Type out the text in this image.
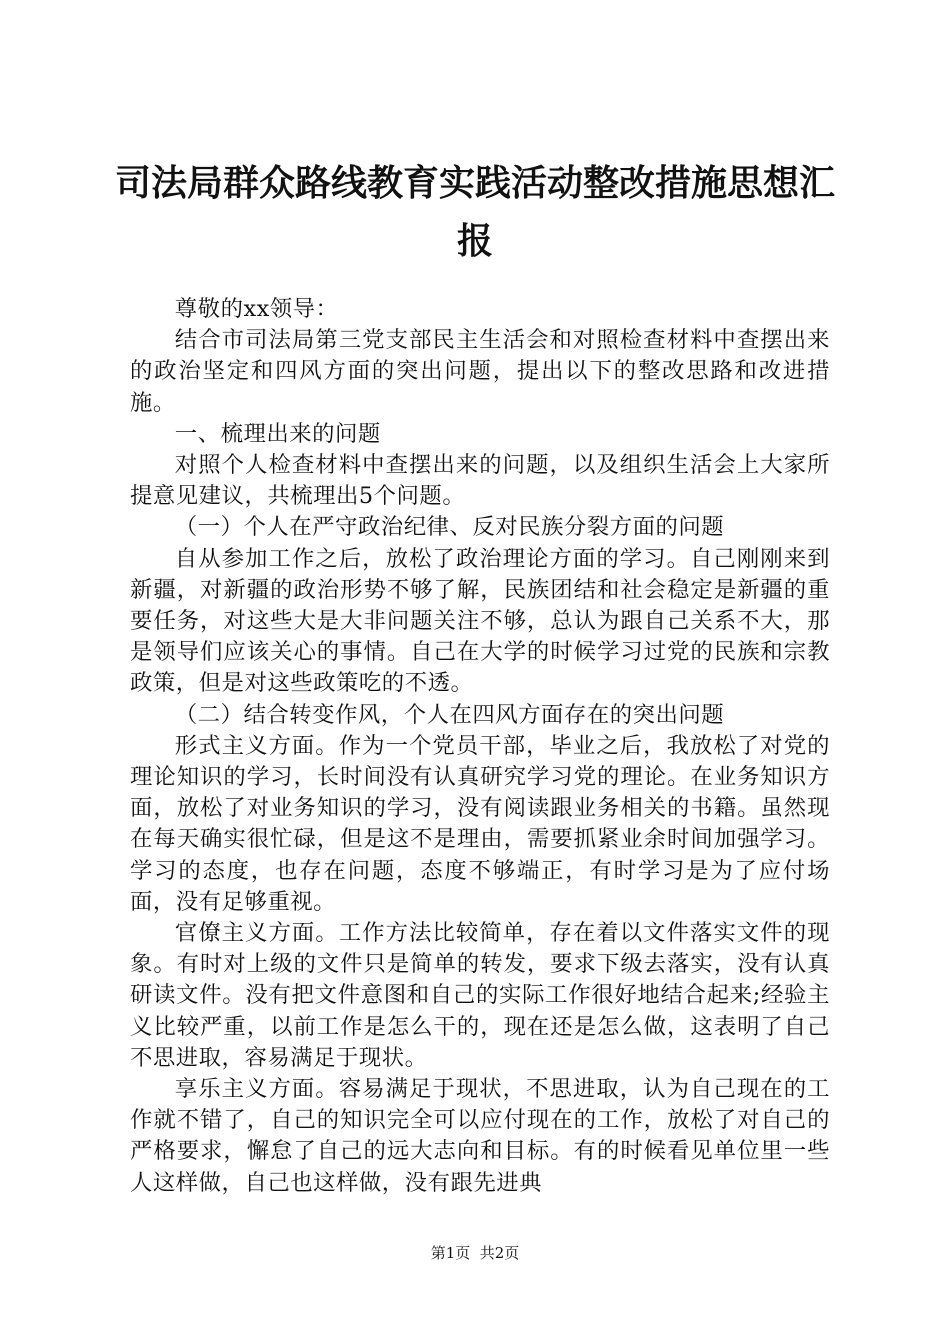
司法局群众路线教育实践活动整改措施思想汇报

尊敬的xx领导：

结合市司法局第三党支部民主生活会和对照检查材料中查摆出来的政治坚定和四风方面的突出问题，提出以下的整改思路和改进措施。

一、梳理出来的问题

对照个人检查材料中查摆出来的问题，以及组织生活会上大家所提意见建议，共梳理出5个问题。

（一）个人在严守政治纪律、反对民族分裂方面的问题

自从参加工作之后，放松了政治理论方面的学习。自己刚刚来到新疆，对新疆的政治形势不够了解，民族团结和社会稳定是新疆的重要任务，对这些大是大非问题关注不够，总认为跟自己关系不大，那是领导们应该关心的事情。自己在大学的时候学习过党的民族和宗教政策，但是对这些政策吃的不透。

（二）结合转变作风，个人在四风方面存在的突出问题

形式主义方面。作为一个党员干部，毕业之后，我放松了对党的理论知识的学习，长时间没有认真研究学习党的理论。在业务知识方面，放松了对业务知识的学习，没有阅读跟业务相关的书籍。虽然现在每天确实很忙碌，但是这不是理由，需要抓紧业余时间加强学习。学习的态度，也存在问题，态度不够端正，有时学习是为了应付场面，没有足够重视。

官僚主义方面。工作方法比较简单，存在着以文件落实文件的现象。有时对上级的文件只是简单的转发，要求下级去落实，没有认真研读文件。没有把文件意图和自己的实际工作很好地结合起来;经验主义比较严重，以前工作是怎么干的，现在还是怎么做，这表明了自己不思进取，容易满足于现状。

享乐主义方面。容易满足于现状，不思进取，认为自己现在的工作就不错了，自己的知识完全可以应付现在的工作，放松了对自己的严格要求，懈怠了自己的远大志向和目标。有的时候看见单位里一些人这样做，自己也这样做，没有跟先进典

第1页  共2页
